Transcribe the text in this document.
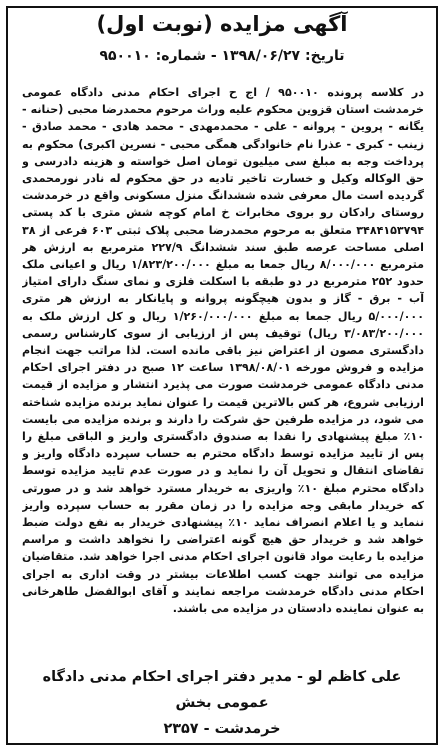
آگهی مزایده (نوبت اول)
تاریخ: ۱۳۹۸/۰۶/۲۷ - شماره: ۹۵۰۰۱۰
در کلاسه پرونده ۹۵۰۰۱۰ / اج ح اجرای احکام مدنی دادگاه عمومی خرمدشت استان قزوین محکوم علیه وراث مرحوم محمدرضا محبی (حنانه - یگانه - پروین - پروانه - علی - محمدمهدی - محمد هادی - محمد صادق - زینب - کبری - عذرا نام خانوادگی همگی محبی - نسرین اکبری) محکوم به پرداخت وجه به مبلغ سی میلیون تومان اصل خواسته و هزینه دادرسی و حق الوکاله وکیل و خسارت تاخیر تادیه در حق محکوم له نادر نورمحمدی گردیده است مال معرفی شده ششدانگ منزل مسکونی واقع در خرمدشت روستای رادکان رو بروی مخابرات خ امام کوچه شش متری با کد پستی ۳۴۸۴۱۵۳۷۹۴ متعلق به مرحوم محمدرضا محبی پلاک ثبتی ۶۰۳ فرعی از ۳۸ اصلی مساحت عرصه طبق سند ششدانگ ۲۲۷/۹ مترمربع به ارزش هر مترمربع ۸/۰۰۰/۰۰۰ ریال جمعا به مبلغ ۱/۸۲۳/۲۰۰/۰۰۰ ریال و اعیانی ملک حدود ۲۵۲ مترمربع در دو طبقه با اسکلت فلزی و نمای سنگ دارای امتیاز آب - برق - گاز و بدون هیچگونه پروانه و پایانکار به ارزش هر متری ۵/۰۰۰/۰۰۰ ریال جمعا به مبلغ ۱/۲۶۰/۰۰۰/۰۰۰ ریال و کل ارزش ملک به ۳/۰۸۳/۲۰۰/۰۰۰ ریال) توقیف پس از ارزیابی از سوی کارشناس رسمی دادگستری مصون از اعتراض نیز باقی مانده است. لذا مراتب جهت انجام مزایده و فروش مورخه ۱۳۹۸/۰۸/۰۱ ساعت ۱۲ صبح در دفتر اجرای احکام مدنی دادگاه عمومی خرمدشت صورت می پذیرد انتشار و مزایده از قیمت ارزیابی شروع، هر کس بالاترین قیمت را عنوان نماید برنده مزایده شناخته می شود، در مزایده طرفین حق شرکت را دارند و برنده مزایده می بایست ۱۰٪ مبلغ پیشنهادی را نقدا به صندوق دادگستری واریز و الباقی مبلغ را پس از تایید مزایده توسط دادگاه محترم به حساب سپرده دادگاه واریز و تقاضای انتقال و تحویل آن را نماید و در صورت عدم تایید مزایده توسط دادگاه محترم مبلغ ۱۰٪ واریزی به خریدار مسترد خواهد شد و در صورتی که خریدار مابقی وجه مزایده را در زمان مقرر به حساب سپرده واریز ننماید و یا اعلام انصراف نماید ۱۰٪ پیشنهادی خریدار به نفع دولت ضبط خواهد شد و خریدار حق هیچ گونه اعتراضی را نخواهد داشت و مراسم مزایده با رعایت مواد قانون اجرای احکام مدنی اجرا خواهد شد. متقاضیان مزایده می توانند جهت کسب اطلاعات بیشتر در وقت اداری به اجرای احکام مدنی دادگاه خرمدشت مراجعه نمایند و آقای ابوالفضل طاهرخانی به عنوان نماینده دادستان در مزایده می باشند.
علی کاظم لو - مدیر دفتر اجرای احکام مدنی دادگاه عمومی بخش
خرمدشت - ۲۳۵۷
